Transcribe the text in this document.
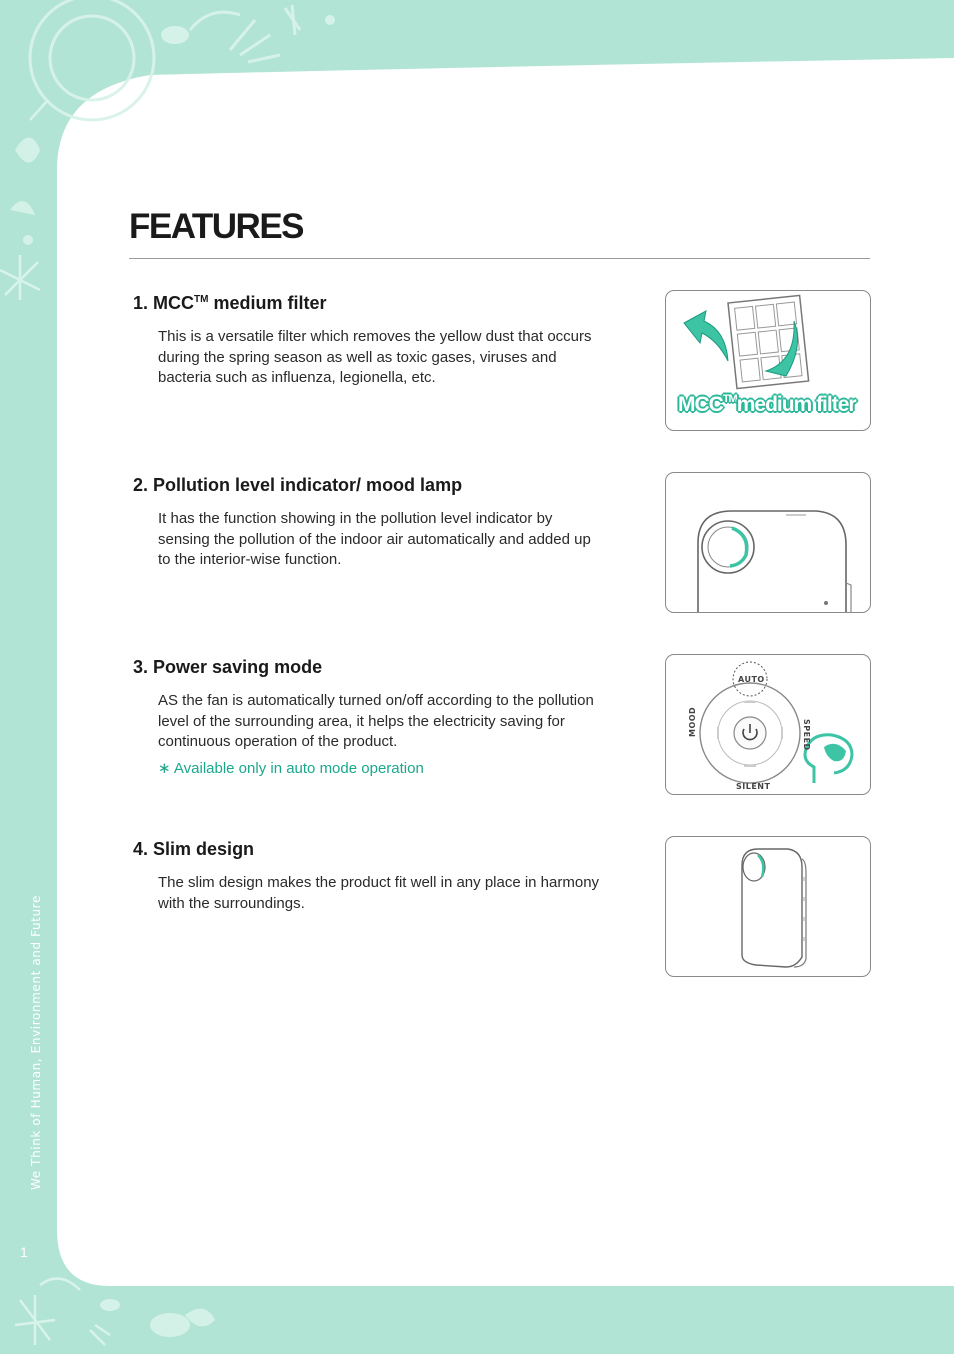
We Think of Human, Environment and Future
1
FEATURES
1. MCC™ medium filter

This is a versatile filter which removes the yellow dust that occurs during the spring season as well as toxic gases, viruses and bacteria such as influenza, legionella, etc.

MCC™medium filter
2. Pollution level indicator/ mood lamp

It has the function showing in the pollution level indicator by sensing the pollution of the indoor air automatically and added up to the interior-wise function.

3. Power saving mode

AS the fan is automatically turned on/off according to the pollution level of the surrounding area, it helps the electricity saving for continuous operation of the product.

∗ Available only in auto mode operation

AUTO
MOOD	SPEED
SILENT
4. Slim design

The slim design makes the product fit well in any place in harmony with the surroundings.
